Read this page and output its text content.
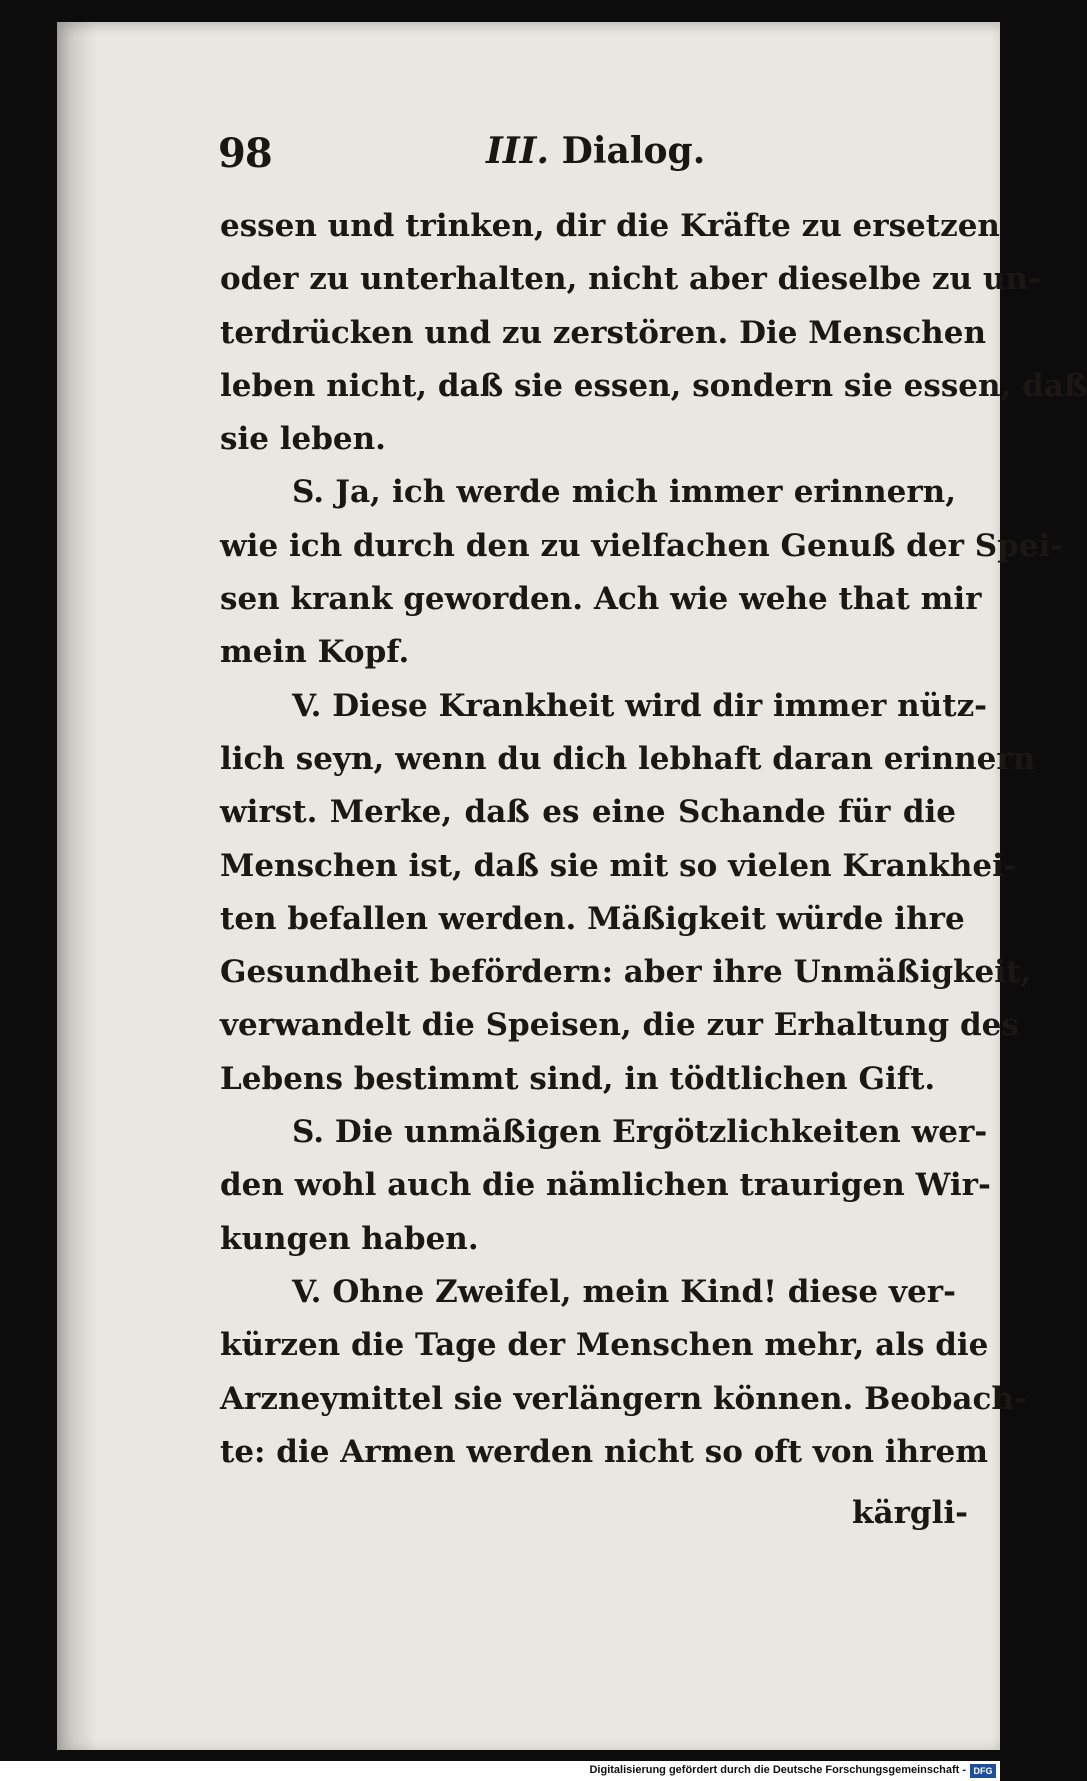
98	III. Dialog.
essen und trinken, dir die Kräfte zu ersetzen
oder zu unterhalten, nicht aber dieselbe zu un-
terdrücken und zu zerstören. Die Menschen
leben nicht, daß sie essen, sondern sie essen, daß
sie leben.
S. Ja, ich werde mich immer erinnern,
wie ich durch den zu vielfachen Genuß der Spei-
sen krank geworden. Ach wie wehe that mir
mein Kopf.
V. Diese Krankheit wird dir immer nütz-
lich seyn, wenn du dich lebhaft daran erinnern
wirst. Merke, daß es eine Schande für die
Menschen ist, daß sie mit so vielen Krankhei-
ten befallen werden. Mäßigkeit würde ihre
Gesundheit befördern: aber ihre Unmäßigkeit,
verwandelt die Speisen, die zur Erhaltung des
Lebens bestimmt sind, in tödtlichen Gift.
S. Die unmäßigen Ergötzlichkeiten wer-
den wohl auch die nämlichen traurigen Wir-
kungen haben.
V. Ohne Zweifel, mein Kind! diese ver-
kürzen die Tage der Menschen mehr, als die
Arzneymittel sie verlängern können. Beobach-
te: die Armen werden nicht so oft von ihrem
kärgli-
Digitalisierung gefördert durch die Deutsche Forschungsgemeinschaft - DFG
